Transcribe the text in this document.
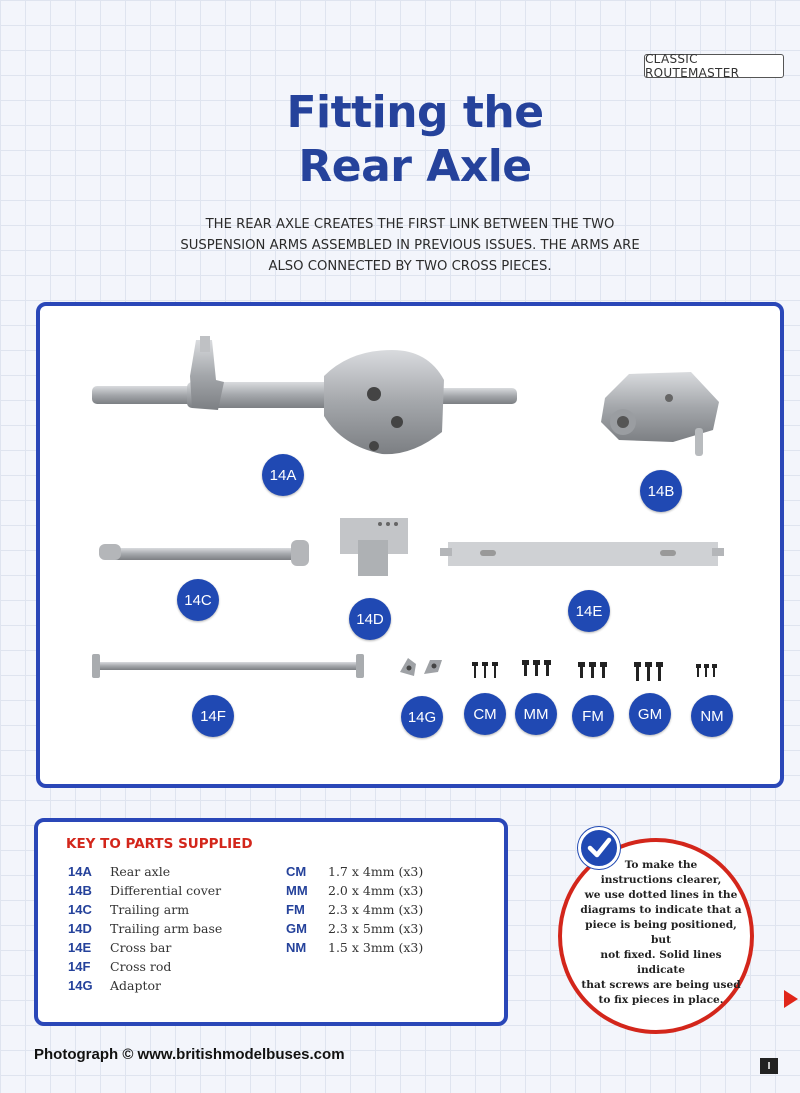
CLASSIC ROUTEMASTER
Fitting the
Rear Axle

THE REAR AXLE CREATES THE FIRST LINK BETWEEN THE TWO
SUSPENSION ARMS ASSEMBLED IN PREVIOUS ISSUES. THE ARMS ARE
ALSO CONNECTED BY TWO CROSS PIECES.

14A
14B
14C
14D	14E
14F	14G	CM	MM	FM	GM	NM
KEY TO PARTS SUPPLIED
14A	Rear axle
14B	Differential cover
14C	Trailing arm
14D	Trailing arm base
14E	Cross bar
14F	Cross rod
14G	Adaptor
CM	1.7 x 4mm (x3)
MM	2.0 x 4mm (x3)
FM	2.3 x 4mm (x3)
GM	2.3 x 5mm (x3)
NM	1.5 x 3mm (x3)

To make the
instructions clearer,
we use dotted lines in the
diagrams to indicate that a
piece is being positioned, but
not fixed. Solid lines indicate
that screws are being used
to fix pieces in place.

Photograph © www.britishmodelbuses.com

I
